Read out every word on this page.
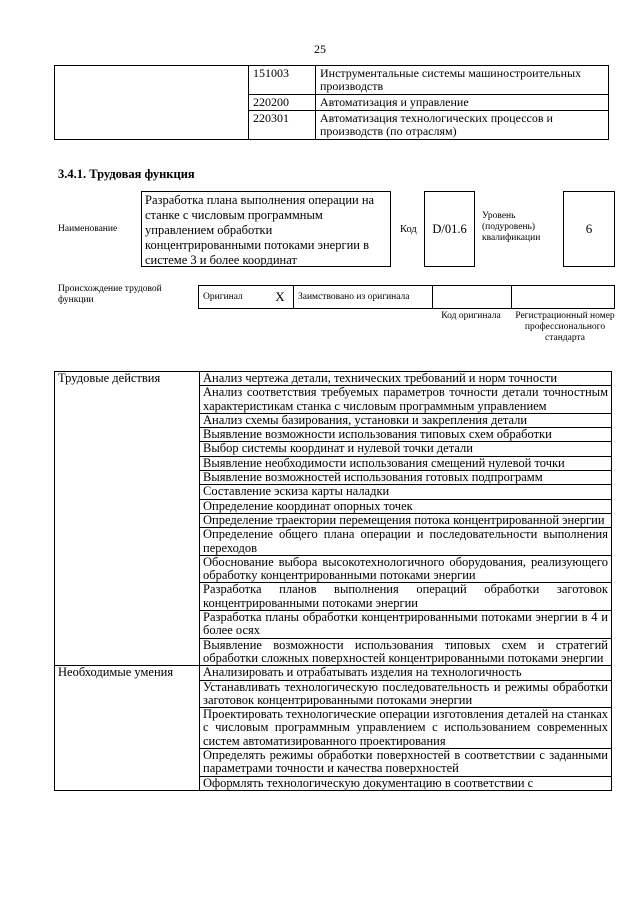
25
	151003	Инструментальные системы машиностроительных производств
	220200	Автоматизация и управление
	220301	Автоматизация технологических процессов и производств (по отраслям)
3.4.1. Трудовая функция
Наименование
Разработка плана выполнения операции на станке с числовым программным управлением обработки концентрированными потоками энергии в системе 3 и более координат
Код	D/01.6
Уровень (подуровень) квалификации
6
Происхождение трудовой функции	Оригинал	X	Заимствовано из оригинала		
Код оригинала	Регистрационный номер профессионального стандарта
Трудовые действия	Анализ чертежа детали, технических требований и норм точности
	Анализ соответствия требуемых параметров точности детали точностным характеристикам станка с числовым программным управлением
	Анализ схемы базирования, установки и закрепления детали
	Выявление возможности использования типовых схем обработки
	Выбор системы координат и нулевой точки детали
	Выявление необходимости использования смещений нулевой точки
	Выявление возможностей использования готовых подпрограмм
	Составление эскиза карты наладки
	Определение координат опорных точек
	Определение траектории перемещения потока концентрированной энергии
	Определение общего плана операции и последовательности выполнения переходов
	Обоснование выбора высокотехнологичного оборудования, реализующего обработку концентрированными потоками энергии
	Разработка планов выполнения операций обработки заготовок концентрированными потоками энергии
	Разработка планы обработки концентрированными потоками энергии в 4 и более осях
	Выявление возможности использования типовых схем и стратегий обработки сложных поверхностей концентрированными потоками энергии
Необходимые умения	Анализировать и отрабатывать изделия на технологичность
	Устанавливать технологическую последовательность и режимы обработки заготовок концентрированными потоками энергии
	Проектировать технологические операции изготовления деталей на станках с числовым программным управлением с использованием современных систем автоматизированного проектирования
	Определять режимы обработки поверхностей в соответствии с заданными параметрами точности и качества поверхностей
	Оформлять технологическую документацию в соответствии с
